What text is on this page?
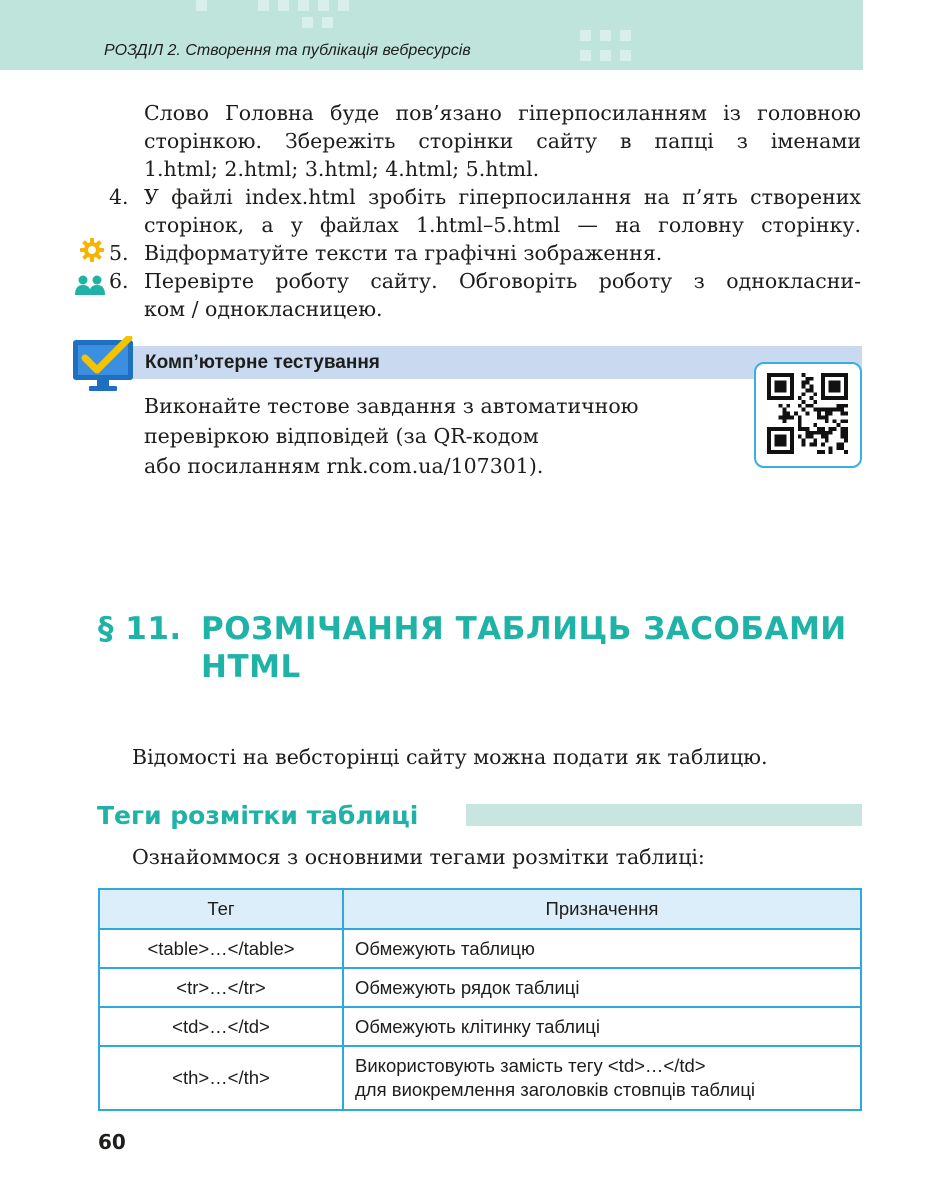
РОЗДІЛ 2. Створення та публікація вебресурсів

Слово Головна буде пов’язано гіперпосиланням із головною

сторінкою. Збережіть сторінки сайту в папці з іменами

1.html; 2.html; 3.html; 4.html; 5.html.

4. У файлі index.html зробіть гіперпосилання на п’ять створених

сторінок, а у файлах 1.html–5.html — на головну сторінку.

5. Відформатуйте тексти та графічні зображення.

6. Перевірте роботу сайту. Обговоріть роботу з однокласни-

ком / однокласницею.

Комп’ютерне тестування
Виконайте тестове завдання з автоматичною
перевіркою відповідей (за QR-кодом
або посиланням rnk.com.ua/107301).
§ 11. РОЗМІЧАННЯ ТАБЛИЦЬ ЗАСОБАМИ
HTML
Відомості на вебсторінці сайту можна подати як таблицю.
Теги розмітки таблиці
Ознайоммося з основними тегами розмітки таблиці:
Тег	Призначення
<table>…</table>	Обмежують таблицю
<tr>…</tr>	Обмежують рядок таблиці
<td>…</td>	Обмежують клітинку таблиці
<th>…</th>	Використовують замість тегу <td>…</td>
для виокремлення заголовків стовпців таблиці
60
